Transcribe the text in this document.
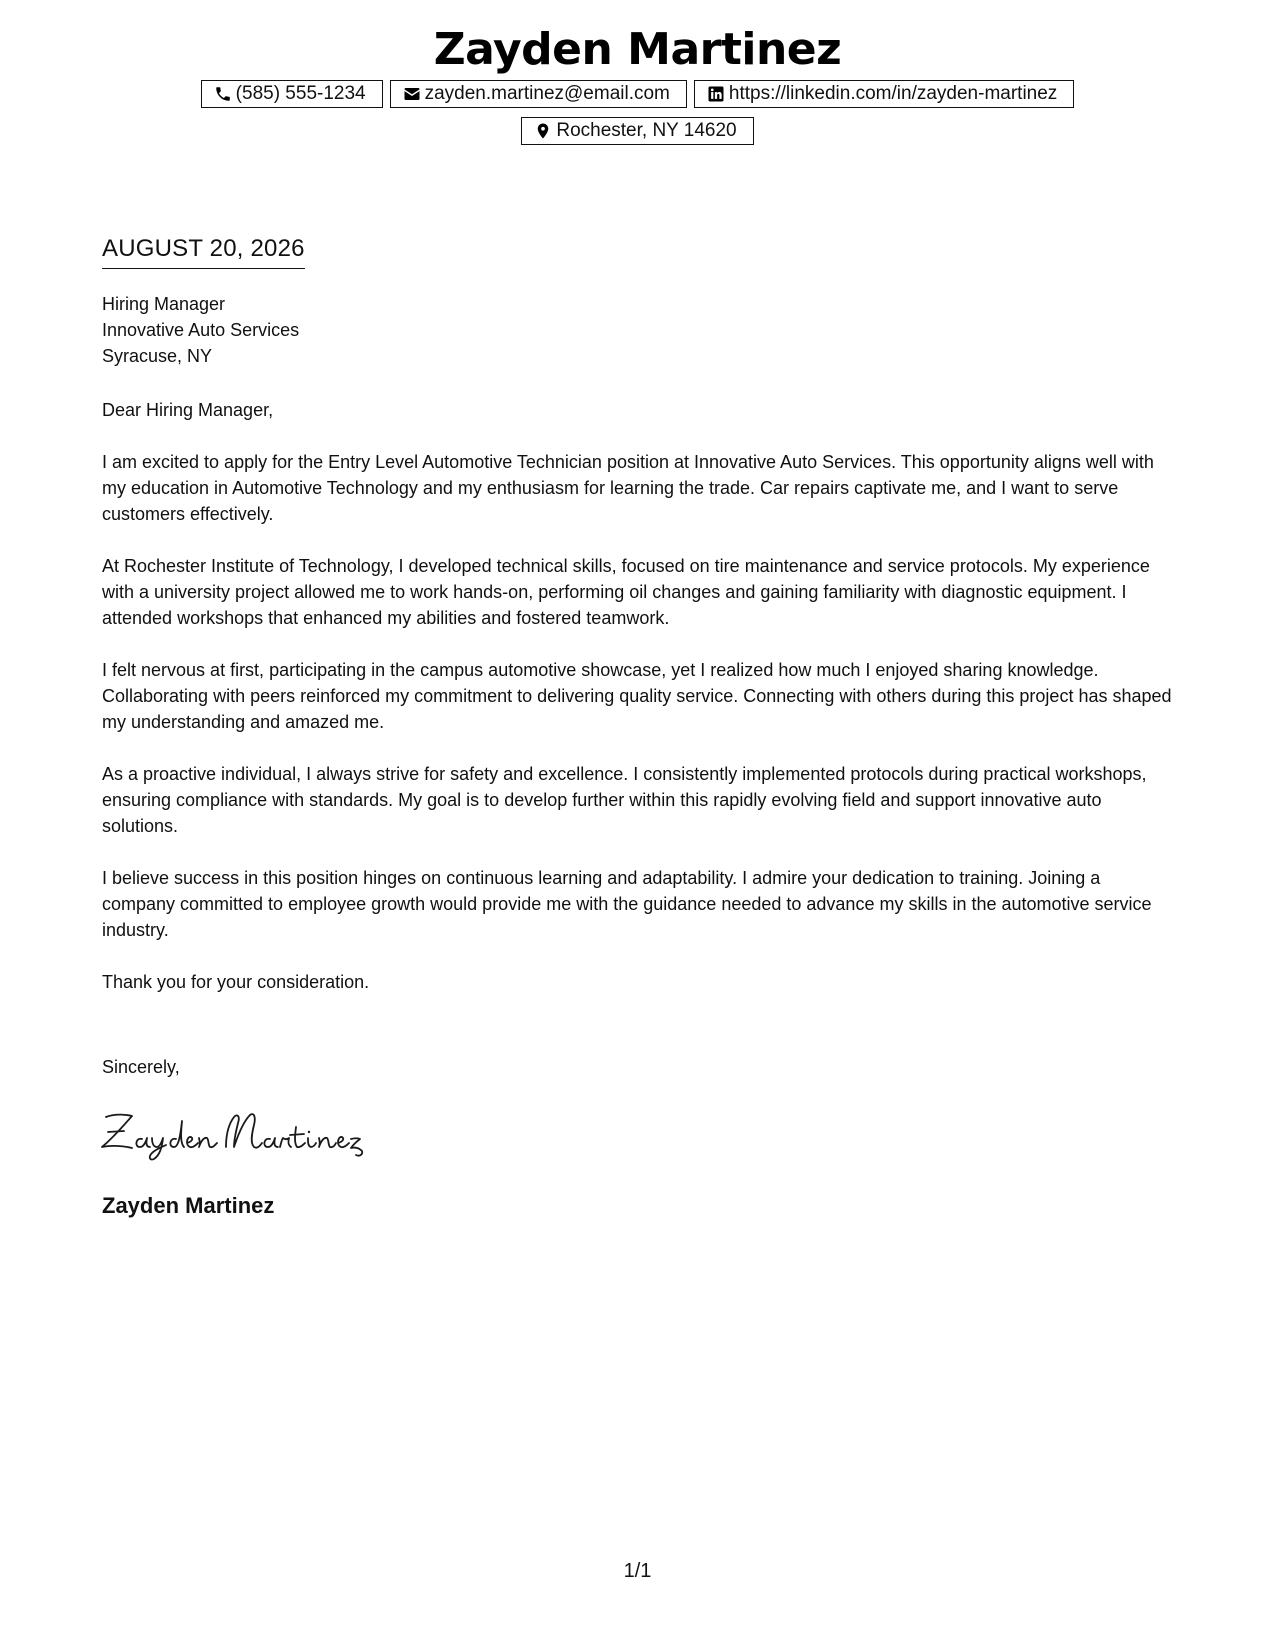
Zayden Martinez
(585) 555-1234	zayden.martinez@email.com	https://linkedin.com/in/zayden-martinez
Rochester, NY 14620
AUGUST 20, 2026
Hiring Manager
Innovative Auto Services
Syracuse, NY
Dear Hiring Manager,

I am excited to apply for the Entry Level Automotive Technician position at Innovative Auto Services. This opportunity aligns well with my education in Automotive Technology and my enthusiasm for learning the trade. Car repairs captivate me, and I want to serve customers effectively.

At Rochester Institute of Technology, I developed technical skills, focused on tire maintenance and service protocols. My experience with a university project allowed me to work hands-on, performing oil changes and gaining familiarity with diagnostic equipment. I attended workshops that enhanced my abilities and fostered teamwork.

I felt nervous at first, participating in the campus automotive showcase, yet I realized how much I enjoyed sharing knowledge. Collaborating with peers reinforced my commitment to delivering quality service. Connecting with others during this project has shaped my understanding and amazed me.

As a proactive individual, I always strive for safety and excellence. I consistently implemented protocols during practical workshops, ensuring compliance with standards. My goal is to develop further within this rapidly evolving field and support innovative auto solutions.

I believe success in this position hinges on continuous learning and adaptability. I admire your dedication to training. Joining a company committed to employee growth would provide me with the guidance needed to advance my skills in the automotive service industry.

Thank you for your consideration.
Sincerely,
Zayden Martinez
1/1
